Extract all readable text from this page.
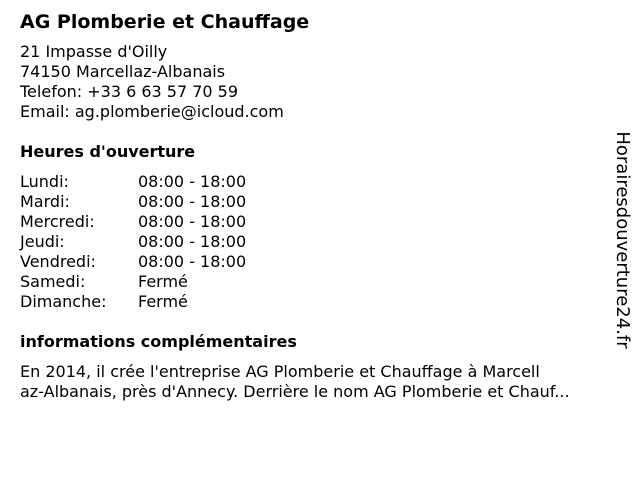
AG Plomberie et Chauffage
21 Impasse d'Oilly
74150 Marcellaz-Albanais
Telefon: +33 6 63 57 70 59
Email: ag.plomberie@icloud.com
Heures d'ouverture
Lundi:	08:00 - 18:00
Mardi:	08:00 - 18:00
Mercredi:	08:00 - 18:00
Jeudi:	08:00 - 18:00
Vendredi:	08:00 - 18:00
Samedi:	Fermé
Dimanche:	Fermé
informations complémentaires
En 2014, il crée l'entreprise AG Plomberie et Chauffage à Marcell
az-Albanais, près d'Annecy. Derrière le nom AG Plomberie et Chauf...
Horairesdouverture24.fr
